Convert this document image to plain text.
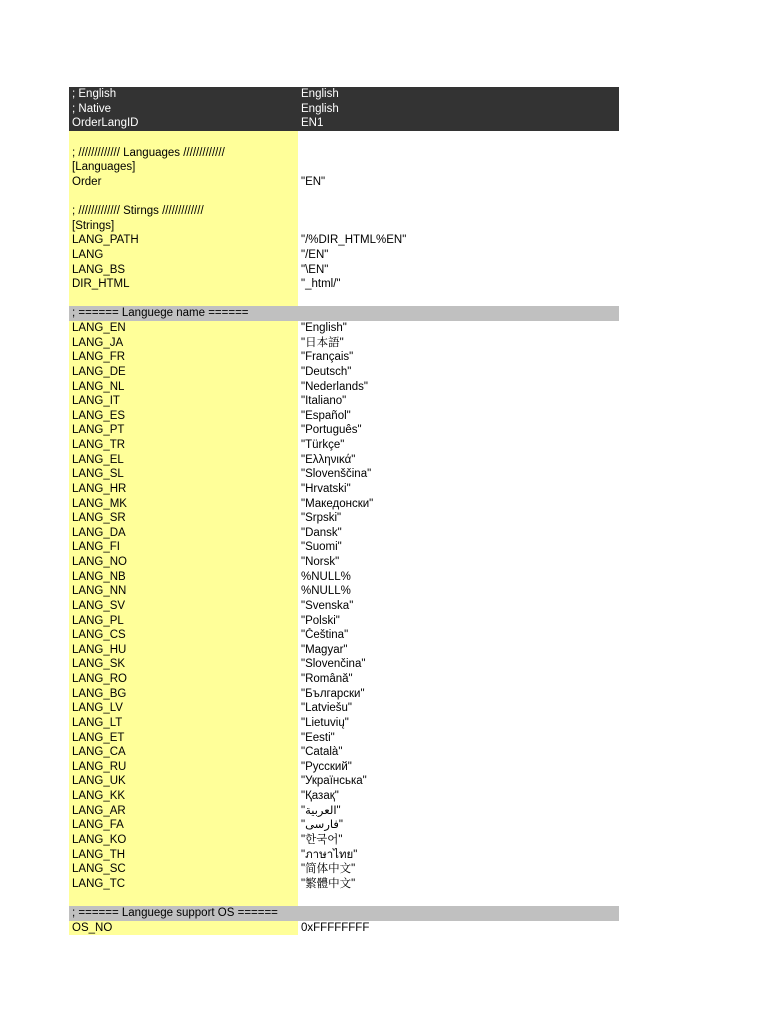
; English	English
; Native	English
OrderLangID	EN1
; ///////////// Languages /////////////
[Languages]
Order	"EN"
; ///////////// Stirngs /////////////
[Strings]
LANG_PATH	"/%DIR_HTML%EN"
LANG	"/EN"
LANG_BS	"\EN"
DIR_HTML	"_html/"
; ====== Languege name ======
LANG_EN	"English"
LANG_JA	"日本語"
LANG_FR	"Français"
LANG_DE	"Deutsch"
LANG_NL	"Nederlands"
LANG_IT	"Italiano"
LANG_ES	"Español"
LANG_PT	"Português"
LANG_TR	"Türkçe"
LANG_EL	"Ελληνικά"
LANG_SL	"Slovenščina"
LANG_HR	"Hrvatski"
LANG_MK	"Македонски"
LANG_SR	"Srpski"
LANG_DA	"Dansk"
LANG_FI	"Suomi"
LANG_NO	"Norsk"
LANG_NB	%NULL%
LANG_NN	%NULL%
LANG_SV	"Svenska"
LANG_PL	"Polski"
LANG_CS	"Čeština"
LANG_HU	"Magyar"
LANG_SK	"Slovenčina"
LANG_RO	"Română"
LANG_BG	"Български"
LANG_LV	"Latviešu"
LANG_LT	"Lietuvių"
LANG_ET	"Eesti"
LANG_CA	"Català"
LANG_RU	"Русский"
LANG_UK	"Українська"
LANG_KK	"Қазақ"
LANG_AR	"العربية"
LANG_FA	"فارسی"
LANG_KO	"한국어"
LANG_TH	"ภาษาไทย"
LANG_SC	"简体中文"
LANG_TC	"繁體中文"
; ====== Languege support OS ======
OS_NO	0xFFFFFFFF
